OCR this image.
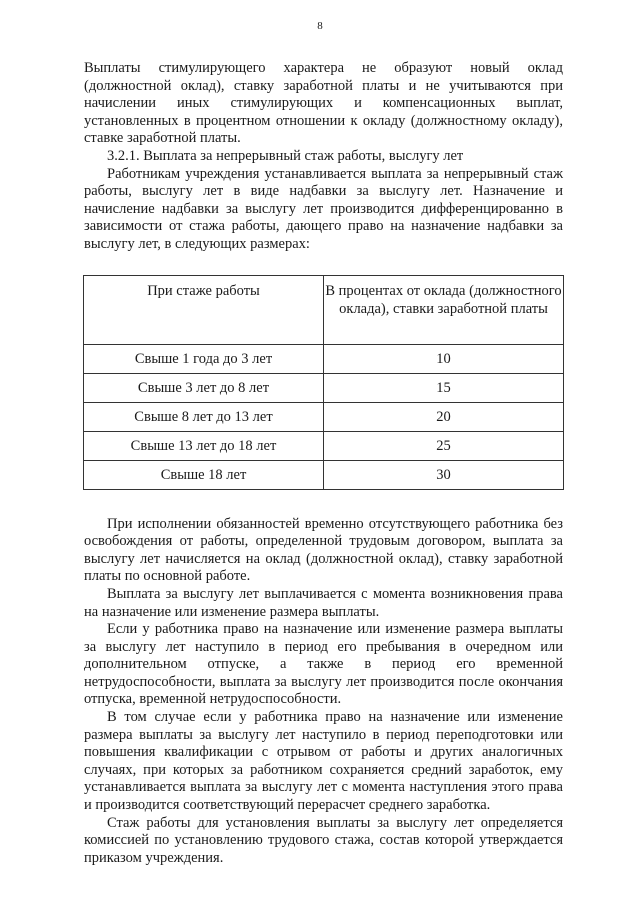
8

Выплаты стимулирующего характера не образуют новый оклад (должностной оклад), ставку заработной платы и не учитываются при начислении иных стимулирующих и компенсационных выплат, установленных в процентном отношении к окладу (должностному окладу), ставке заработной платы.

3.2.1. Выплата за непрерывный стаж работы, выслугу лет

Работникам учреждения устанавливается выплата за непрерывный стаж работы, выслугу лет в виде надбавки за выслугу лет. Назначение и начисление надбавки за выслугу лет производится дифференцированно в зависимости от стажа работы, дающего право на назначение надбавки за выслугу лет, в следующих размерах:

При стаже работы	В процентах от оклада (должностного оклада), ставки заработной платы
Свыше 1 года до 3 лет	10
Свыше 3 лет до 8 лет	15
Свыше 8 лет до 13 лет	20
Свыше 13 лет до 18 лет	25
Свыше 18 лет	30

При исполнении обязанностей временно отсутствующего работника без освобождения от работы, определенной трудовым договором, выплата за выслугу лет начисляется на оклад (должностной оклад), ставку заработной платы по основной работе.

Выплата за выслугу лет выплачивается с момента возникновения права на назначение или изменение размера выплаты.

Если у работника право на назначение или изменение размера выплаты за выслугу лет наступило в период его пребывания в очередном или дополнительном отпуске, а также в период его временной нетрудоспособности, выплата за выслугу лет производится после окончания отпуска, временной нетрудоспособности.

В том случае если у работника право на назначение или изменение размера выплаты за выслугу лет наступило в период переподготовки или повышения квалификации с отрывом от работы и других аналогичных случаях, при которых за работником сохраняется средний заработок, ему устанавливается выплата за выслугу лет с момента наступления этого права и производится соответствующий перерасчет среднего заработка.

Стаж работы для установления выплаты за выслугу лет определяется комиссией по установлению трудового стажа, состав которой утверждается приказом учреждения.
